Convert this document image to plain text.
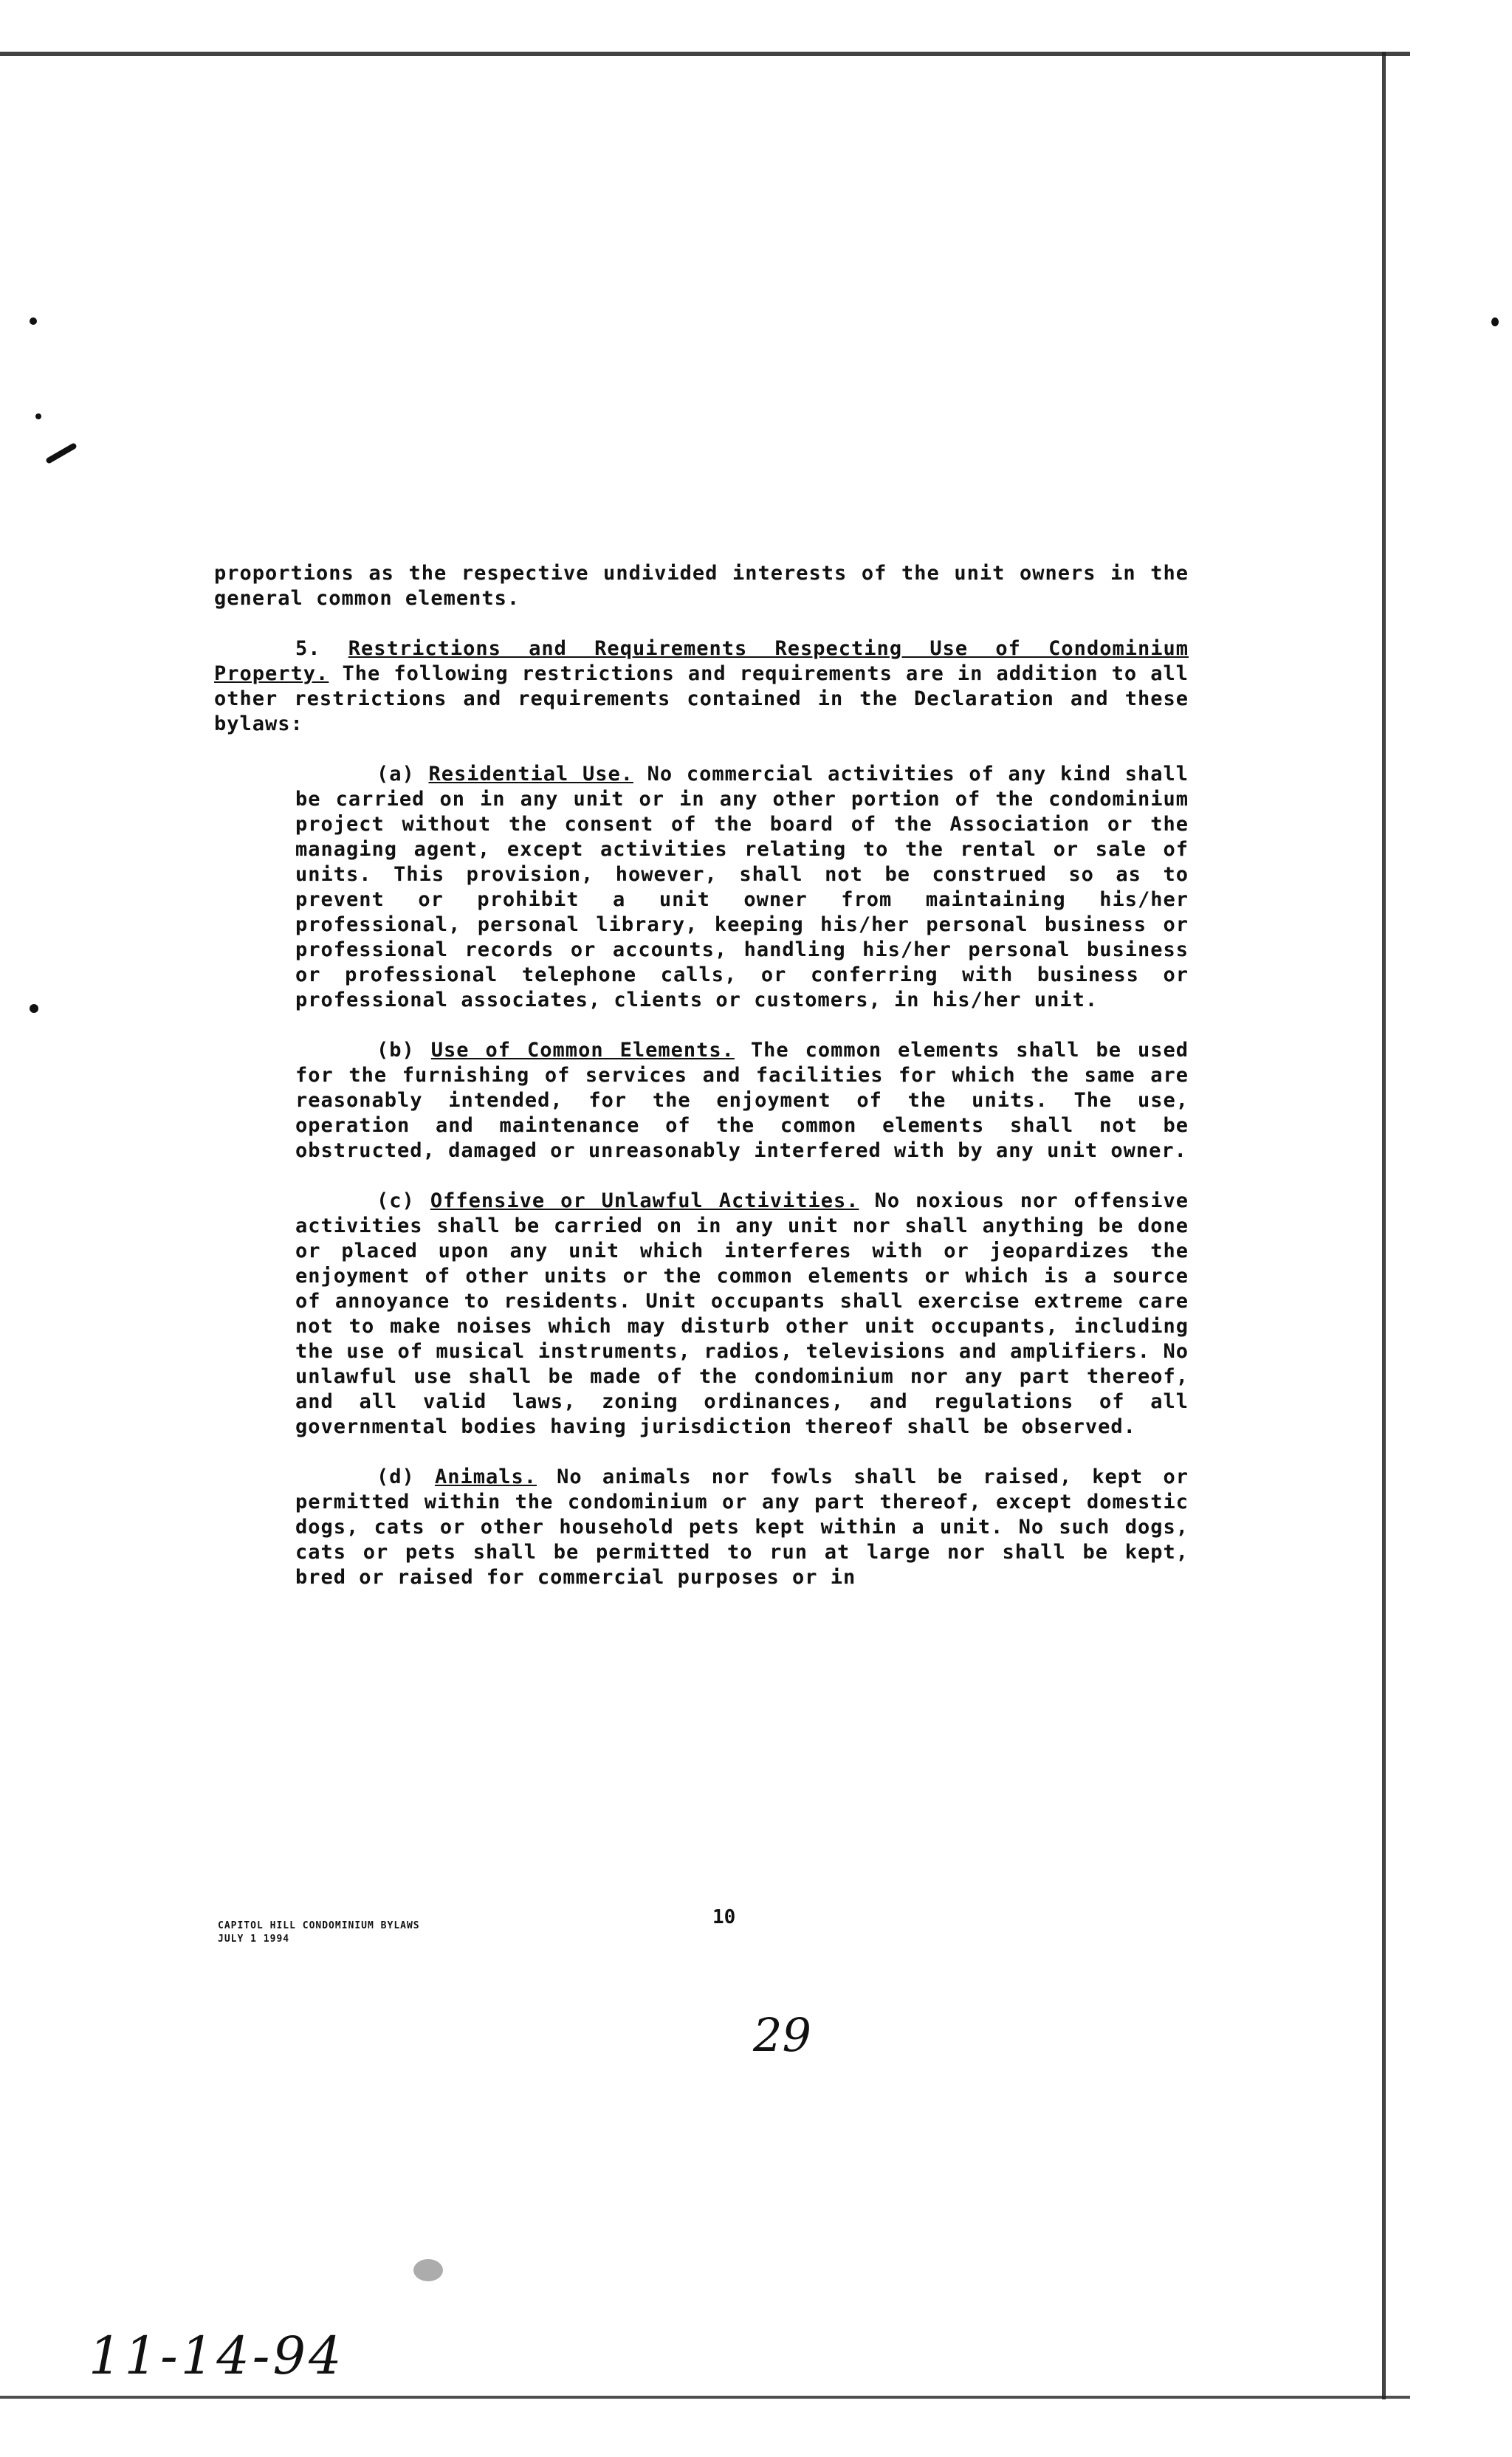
proportions as the respective undivided interests of the unit owners in the general common elements.

5. Restrictions and Requirements Respecting Use of Condominium Property. The following restrictions and requirements are in addition to all other restrictions and requirements contained in the Declaration and these bylaws:

(a) Residential Use. No commercial activities of any kind shall be carried on in any unit or in any other portion of the condominium project without the consent of the board of the Association or the managing agent, except activities relating to the rental or sale of units. This provision, however, shall not be construed so as to prevent or prohibit a unit owner from maintaining his/her professional, personal library, keeping his/her personal business or professional records or accounts, handling his/her personal business or professional telephone calls, or conferring with business or professional associates, clients or customers, in his/her unit.

(b) Use of Common Elements. The common elements shall be used for the furnishing of services and facilities for which the same are reasonably intended, for the enjoyment of the units. The use, operation and maintenance of the common elements shall not be obstructed, damaged or unreasonably interfered with by any unit owner.

(c) Offensive or Unlawful Activities. No noxious nor offensive activities shall be carried on in any unit nor shall anything be done or placed upon any unit which interferes with or jeopardizes the enjoyment of other units or the common elements or which is a source of annoyance to residents. Unit occupants shall exercise extreme care not to make noises which may disturb other unit occupants, including the use of musical instruments, radios, televisions and amplifiers. No unlawful use shall be made of the condominium nor any part thereof, and all valid laws, zoning ordinances, and regulations of all governmental bodies having jurisdiction thereof shall be observed.

(d) Animals. No animals nor fowls shall be raised, kept or permitted within the condominium or any part thereof, except domestic dogs, cats or other household pets kept within a unit. No such dogs, cats or pets shall be permitted to run at large nor shall be kept, bred or raised for commercial purposes or in

CAPITOL HILL CONDOMINIUM BYLAWS
JULY 1 1994
10
29
11-14-94
